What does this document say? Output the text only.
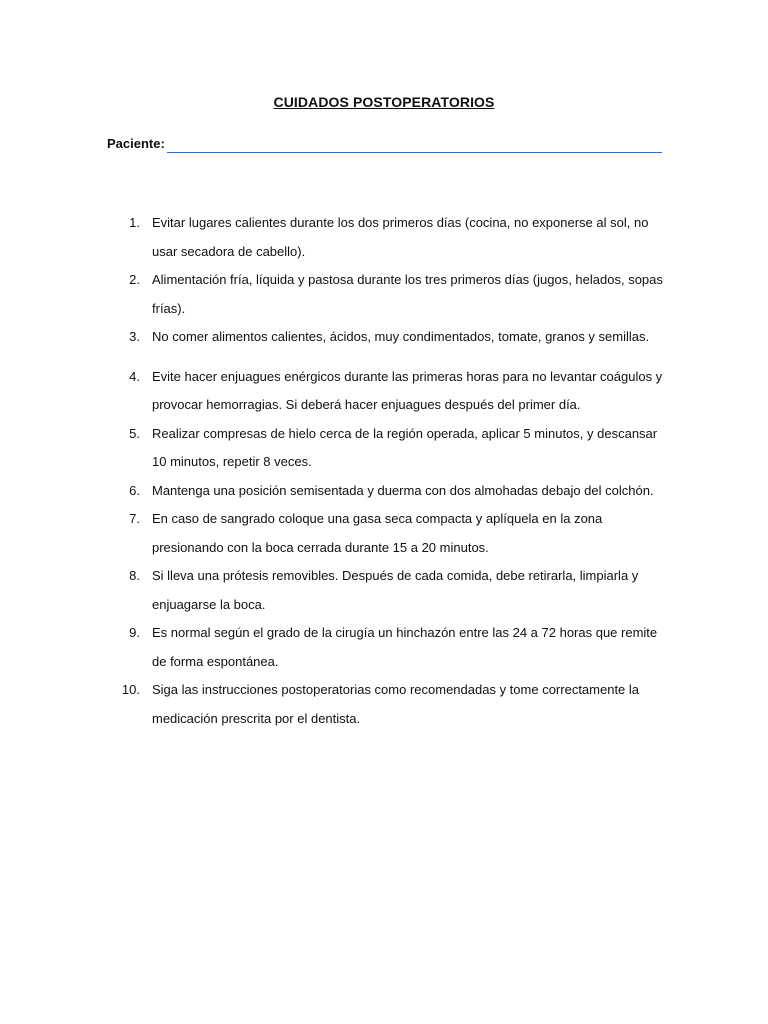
CUIDADOS POSTOPERATORIOS
Paciente:
1. Evitar lugares calientes durante los dos primeros días (cocina, no exponerse al sol, no usar secadora de cabello).
2. Alimentación fría, líquida y pastosa durante los tres primeros días (jugos, helados, sopas frías).
3. No comer alimentos calientes, ácidos, muy condimentados, tomate, granos y semillas.
4. Evite hacer enjuagues enérgicos durante las primeras horas para no levantar coágulos y provocar hemorragias. Si deberá hacer enjuagues después del primer día.
5. Realizar compresas de hielo cerca de la región operada, aplicar 5 minutos, y descansar 10 minutos, repetir 8 veces.
6. Mantenga una posición semisentada y duerma con dos almohadas debajo del colchón.
7. En caso de sangrado coloque una gasa seca compacta y aplíquela en la zona presionando con la boca cerrada durante 15 a 20 minutos.
8. Si lleva una prótesis removibles. Después de cada comida, debe retirarla, limpiarla y enjuagarse la boca.
9. Es normal según el grado de la cirugía un hinchazón entre las 24 a 72 horas que remite de forma espontánea.
10. Siga las instrucciones postoperatorias como recomendadas y tome correctamente la medicación prescrita por el dentista.
